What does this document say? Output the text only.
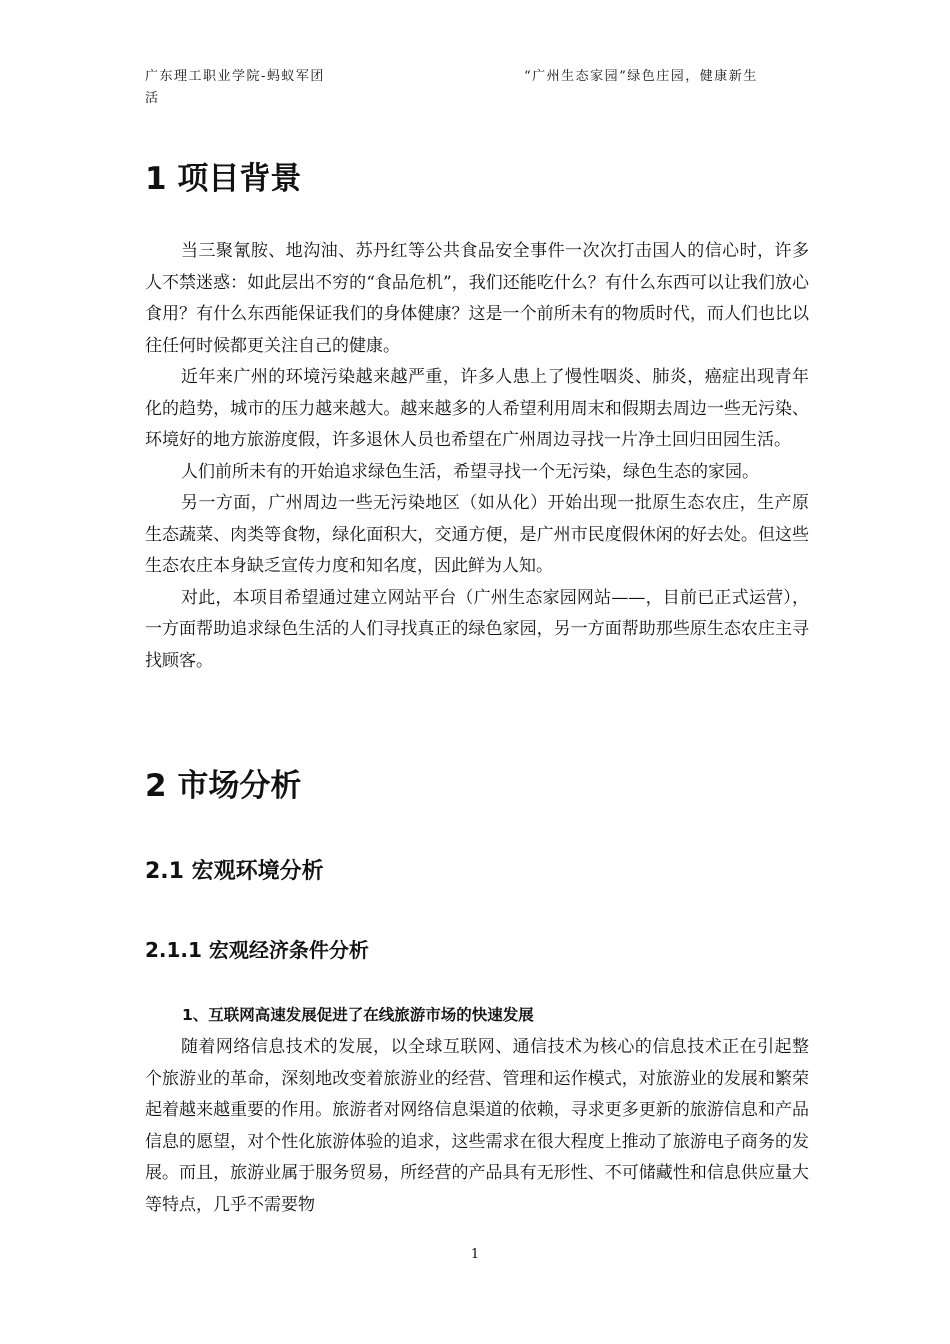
广东理工职业学院-蚂蚁军团
活
“广州生态家园”绿色庄园，健康新生
1 项目背景

当三聚氰胺、地沟油、苏丹红等公共食品安全事件一次次打击国人的信心时，许多人不禁迷惑：如此层出不穷的“食品危机”，我们还能吃什么？有什么东西可以让我们放心食用？有什么东西能保证我们的身体健康？这是一个前所未有的物质时代，而人们也比以往任何时候都更关注自己的健康。

近年来广州的环境污染越来越严重，许多人患上了慢性咽炎、肺炎，癌症出现青年化的趋势，城市的压力越来越大。越来越多的人希望利用周末和假期去周边一些无污染、环境好的地方旅游度假，许多退休人员也希望在广州周边寻找一片净土回归田园生活。

人们前所未有的开始追求绿色生活，希望寻找一个无污染，绿色生态的家园。

另一方面，广州周边一些无污染地区（如从化）开始出现一批原生态农庄，生产原生态蔬菜、肉类等食物，绿化面积大，交通方便，是广州市民度假休闲的好去处。但这些生态农庄本身缺乏宣传力度和知名度，因此鲜为人知。

对此，本项目希望通过建立网站平台（广州生态家园网站——，目前已正式运营），一方面帮助追求绿色生活的人们寻找真正的绿色家园，另一方面帮助那些原生态农庄主寻找顾客。

2 市场分析
2.1 宏观环境分析
2.1.1 宏观经济条件分析
1、互联网高速发展促进了在线旅游市场的快速发展

随着网络信息技术的发展，以全球互联网、通信技术为核心的信息技术正在引起整个旅游业的革命，深刻地改变着旅游业的经营、管理和运作模式，对旅游业的发展和繁荣起着越来越重要的作用。旅游者对网络信息渠道的依赖，寻求更多更新的旅游信息和产品信息的愿望，对个性化旅游体验的追求，这些需求在很大程度上推动了旅游电子商务的发展。而且，旅游业属于服务贸易，所经营的产品具有无形性、不可储藏性和信息供应量大等特点，几乎不需要物

1
